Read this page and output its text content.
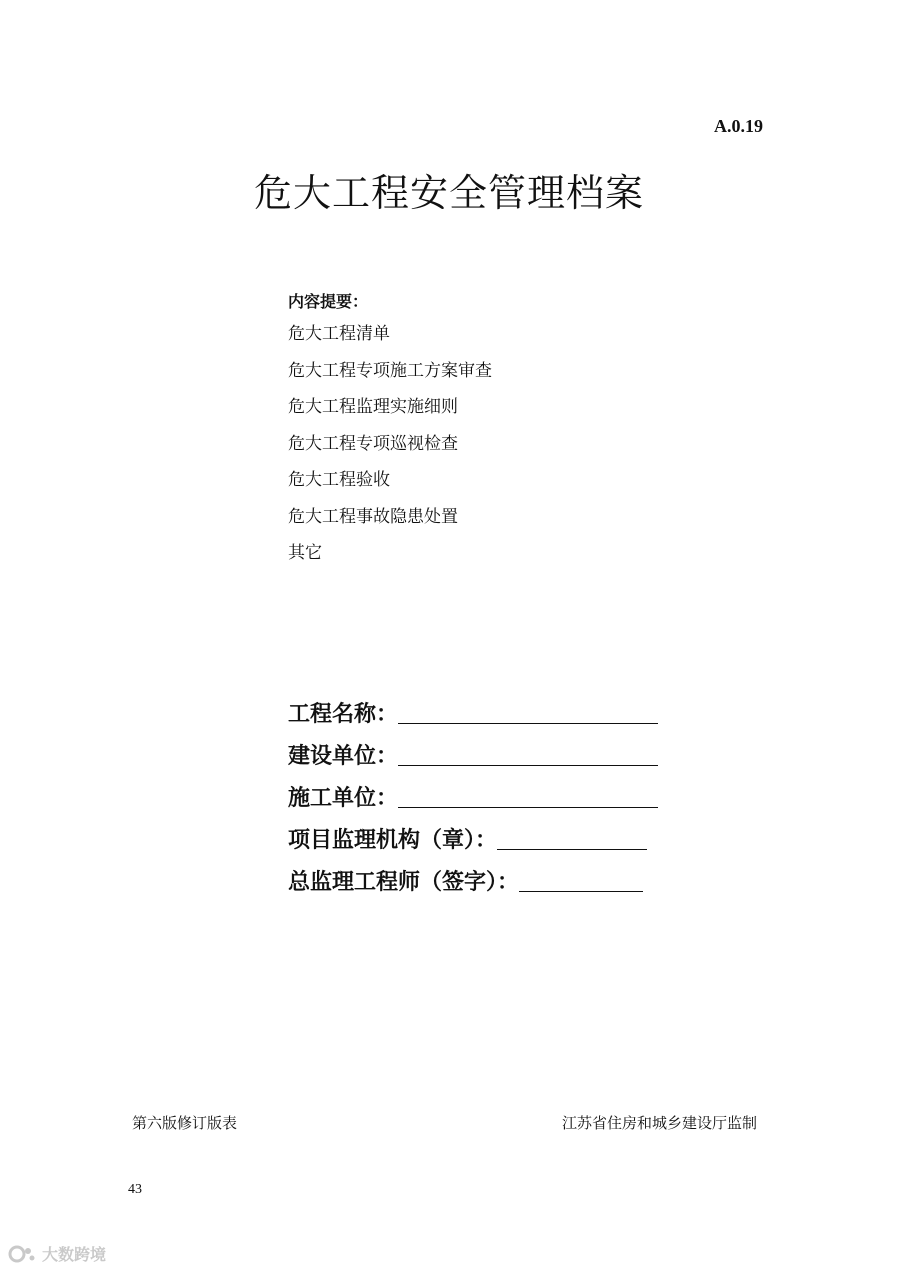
A.0.19
危大工程安全管理档案
内容提要：
危大工程清单
危大工程专项施工方案审查
危大工程监理实施细则
危大工程专项巡视检查
危大工程验收
危大工程事故隐患处置
其它
工程名称：
建设单位：
施工单位：
项目监理机构（章）：
总监理工程师（签字）：
第六版修订版表	江苏省住房和城乡建设厅监制
43
大数跨境
